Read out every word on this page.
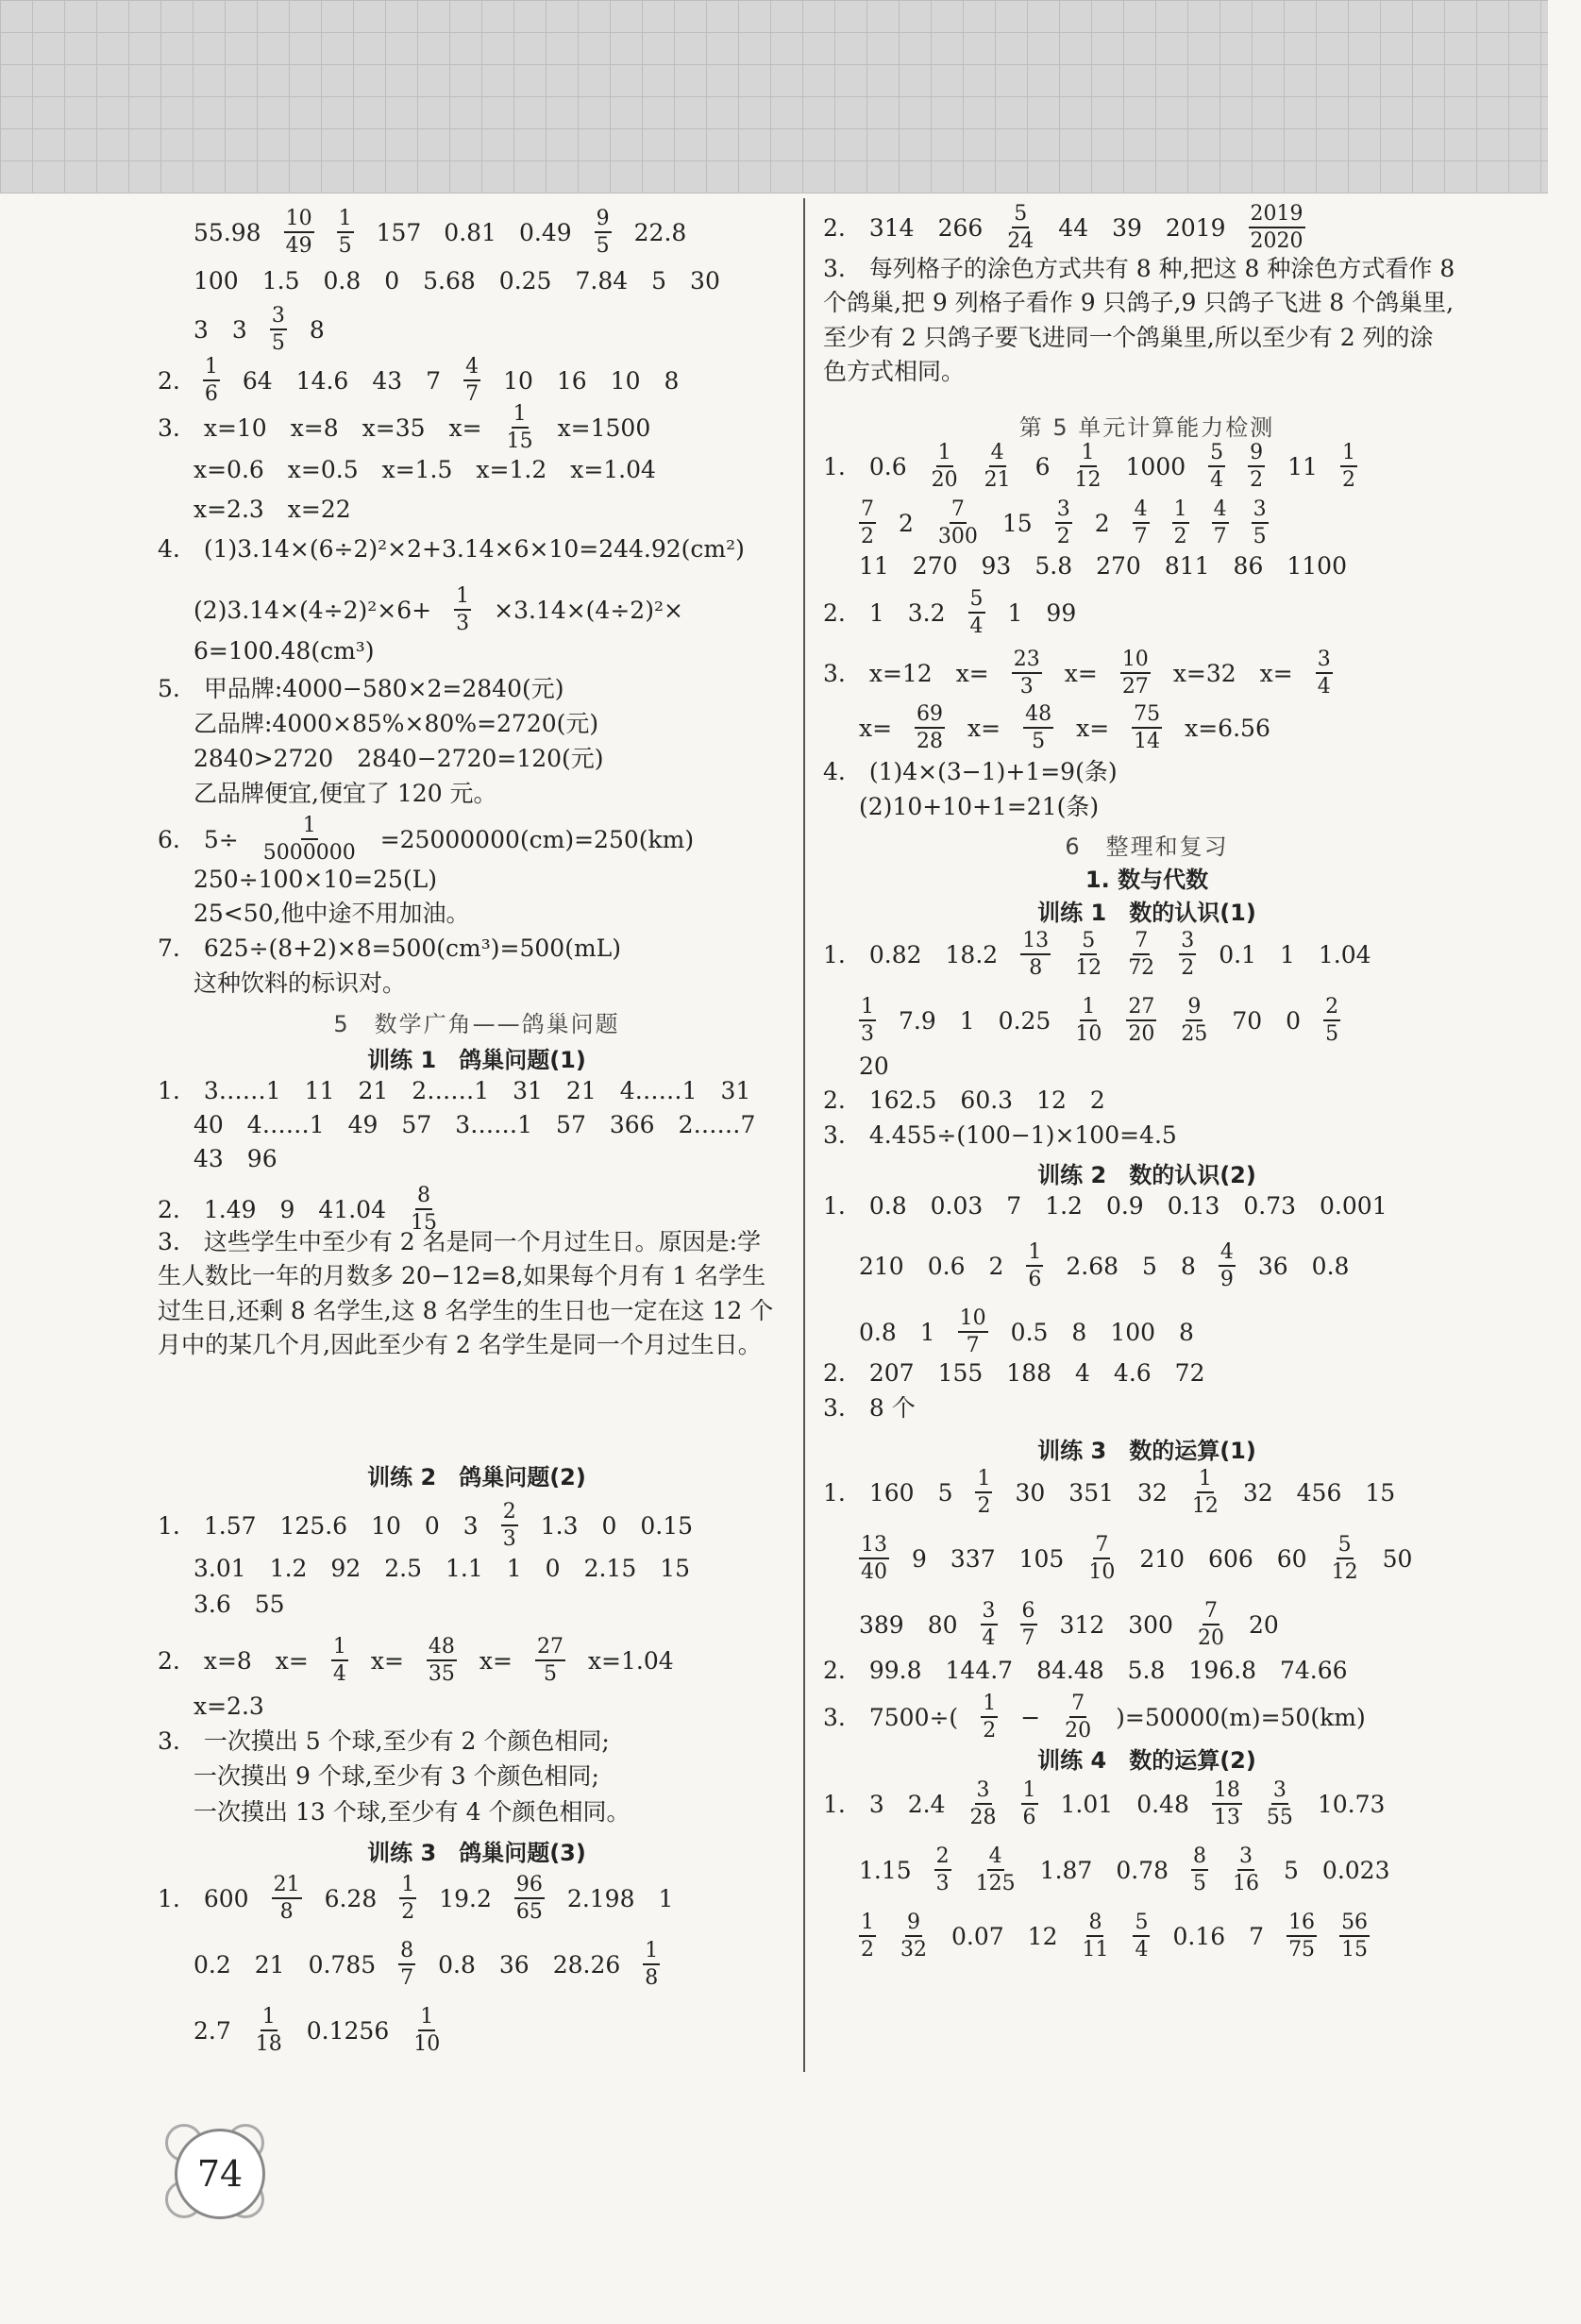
$55.98 \frac{10}{49} \frac{1}{5} 157$ 0.81 $0.49 \frac{9}{5} 22.8$
100　1.5　0.8　0　5.68　0.25　7.84　5　30
3　$3 \frac{3}{5} 8$
2. $\frac{1}{6} 64$　14.6　43　$7 \frac{4}{7} 10$　16　10　8
3.　x=10　x=8　x=35　$x= \frac{1}{15} x=1500$
x=0.6　x=0.5　x=1.5　x=1.2　x=1.04
x=2.3　x=22
4.　(1)3.14×(6÷2)²×2+3.14×6×10=244.92(cm²)
$(2)3.14\times(4\div 2)^2\times 6+ \frac{1}{3} \times 3.14\times(4\div 2)^2\times$
6=100.48(cm³)
5.　甲品牌:4000−580×2=2840(元)
乙品牌:4000×85%×80%=2720(元)
2840>2720　2840−2720=120(元)
乙品牌便宜,便宜了 120 元。
6.　$5\div \frac{1}{5000000} =25000000(cm)=250(km)$
250÷100×10=25(L)
25<50,他中途不用加油。
7.　625÷(8+2)×8=500(cm³)=500(mL)
这种饮料的标识对。
5　数学广角——鸽巢问题
训练 1　鸽巢问题(1)
1.　3……1　11　21　2……1　31　21　4……1　31
40　4……1　49　57　3……1　57　366　2……7
43　96
2.　1.49　9　$41.04 \frac{8}{15}$
3.　这些学生中至少有 2 名是同一个月过生日。原因是:学生人数比一年的月数多 20−12=8,如果每个月有 1 名学生过生日,还剩 8 名学生,这 8 名学生的生日也一定在这 12 个月中的某几个月,因此至少有 2 名学生是同一个月过生日。
训练 2　鸽巢问题(2)
1.　1.57　125.6　10　0　$3 \frac{2}{3} 1.3$　0　0.15
3.01　1.2　92　2.5　1.1　1　0　2.15　15
3.6　55
2.　x=8　$x= \frac{1}{4} x= \frac{48}{35} x= \frac{27}{5} x=1.04$
x=2.3
3.　一次摸出 5 个球,至少有 2 个颜色相同;
一次摸出 9 个球,至少有 3 个颜色相同;
一次摸出 13 个球,至少有 4 个颜色相同。
训练 3　鸽巢问题(3)
1.　$600 \frac{21}{8} 6.28 \frac{1}{2} 19.2 \frac{96}{65} 2.198$　1
0.2　21　$0.785 \frac{8}{7} 0.8$　36　$28.26 \frac{1}{8}$
$2.7 \frac{1}{18} 0.1256 \frac{1}{10}$
2.　314　$266 \frac{5}{24} 44$　39　$2019 \frac{2019}{2020}$
3.　每列格子的涂色方式共有 8 种,把这 8 种涂色方式看作 8 个鸽巢,把 9 列格子看作 9 只鸽子,9 只鸽子飞进 8 个鸽巢里,至少有 2 只鸽子要飞进同一个鸽巢里,所以至少有 2 列的涂色方式相同。
第 5 单元计算能力检测
1.　$0.6 \frac{1}{20} \frac{4}{21} 6 \frac{1}{12} 1000 \frac{5}{4} \frac{9}{2} 11 \frac{1}{2}$
$\frac{7}{2} 2 \frac{7}{300} 15 \frac{3}{2} 2 \frac{4}{7} \frac{1}{2} \frac{4}{7} \frac{3}{5}$
11　270　93　5.8　270　811　86　1100
2.　1　$3.2 \frac{5}{4} 1$　99
3.　x=12　$x= \frac{23}{3} x= \frac{10}{27} x=32$　$x= \frac{3}{4}$
$x= \frac{69}{28} x= \frac{48}{5} x= \frac{75}{14} x=6.56$
4.　(1)4×(3−1)+1=9(条)
(2)10+10+1=21(条)
6　整理和复习
1. 数与代数
训练 1　数的认识(1)
1.　0.82　$18.2 \frac{13}{8} \frac{5}{12} \frac{7}{72} \frac{3}{2} 0.1$　1　1.04
$\frac{1}{3} 7.9$　1　$0.25 \frac{1}{10} \frac{27}{20} \frac{9}{25} 70$　$0 \frac{2}{5}$
20
2.　162.5　60.3　12　2
3.　4.455÷(100−1)×100=4.5
训练 2　数的认识(2)
1.　0.8　0.03　7　1.2　0.9　0.13　0.73　0.001
210　0.6　$2 \frac{1}{6} 2.68$　5　$8 \frac{4}{9} 36$　0.8
0.8　$1 \frac{10}{7} 0.5$　8　100　8
2.　207　155　188　4　4.6　72
3.　8 个
训练 3　数的运算(1)
1.　160　$5 \frac{1}{2} 30$　351　$32 \frac{1}{12} 32$　456　15
$\frac{13}{40} 9$　337　$105 \frac{7}{10} 210$　606　$60 \frac{5}{12} 50$
389　$80 \frac{3}{4} \frac{6}{7} 312$　$300 \frac{7}{20} 20$
2.　99.8　144.7　84.48　5.8　196.8　74.66
3.　$7500\div( \frac{1}{2} - \frac{7}{20} )=50000(m)=50(km)$
训练 4　数的运算(2)
1.　3　$2.4 \frac{3}{28} \frac{1}{6} 1.01$　$0.48 \frac{18}{13} \frac{3}{55} 10.73$
$1.15 \frac{2}{3} \frac{4}{125} 1.87$　$0.78 \frac{8}{5} \frac{3}{16} 5$　0.023
$\frac{1}{2} \frac{9}{32} 0.07$　$12 \frac{8}{11} \frac{5}{4} 0.16$　$7 \frac{16}{75} \frac{56}{15}$
74
